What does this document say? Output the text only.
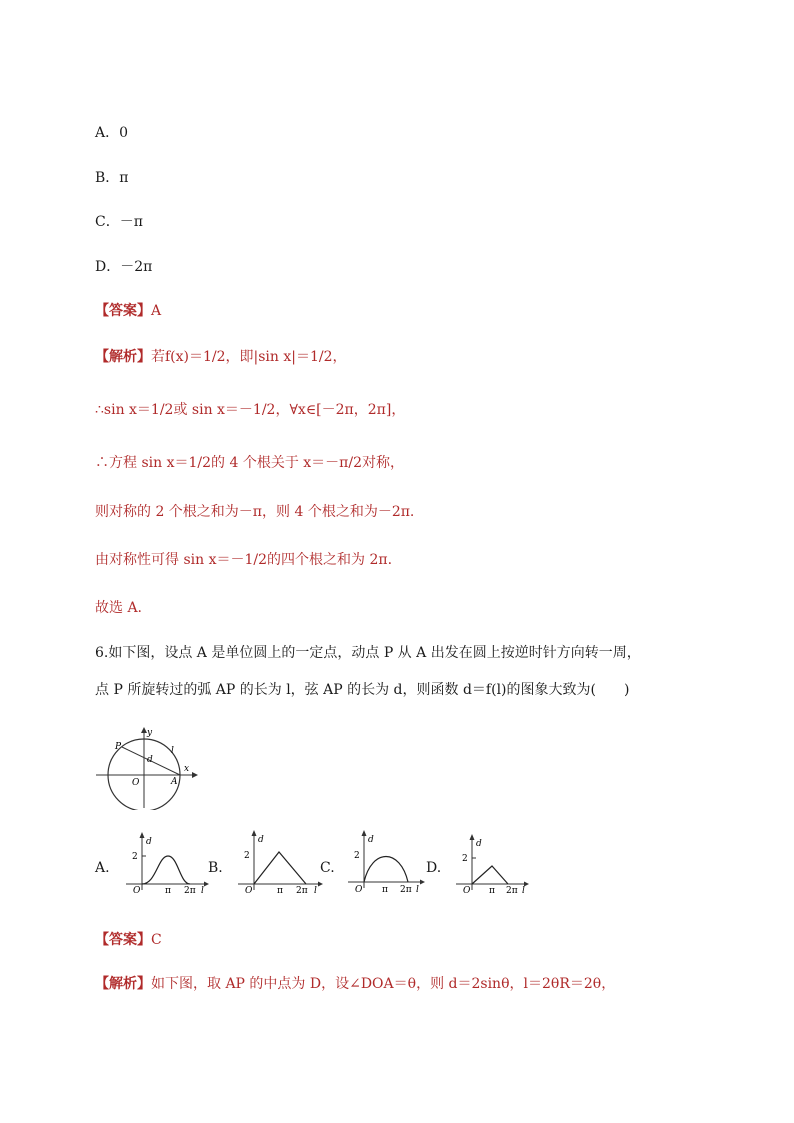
A．0
B．π
C．－π
D．－2π
【答案】A
【解析】若f(x)＝1/2，即|sin x|＝1/2，
∴sin x＝1/2或 sin x＝－1/2，∀x∈[－2π，2π]，
∴方程 sin x＝1/2的 4 个根关于 x＝－π/2对称，
则对称的 2 个根之和为－π，则 4 个根之和为－2π.
由对称性可得 sin x＝－1/2的四个根之和为 2π.
故选 A.
6.如下图，设点 A 是单位圆上的一定点，动点 P 从 A 出发在圆上按逆时针方向转一周，
点 P 所旋转过的弧 AP 的长为 l，弦 AP 的长为 d，则函数 d＝f(l)的图象大致为(　　)
y
P	l
d
O	A
x
A.
d
2
O	π 2π l
B.
d
2
O	π 2π l
C.
d
2
O π 2π l
D.
d
2
O π 2π l
【答案】C
【解析】如下图，取 AP 的中点为 D，设∠DOA＝θ，则 d＝2sinθ，l＝2θR＝2θ，
